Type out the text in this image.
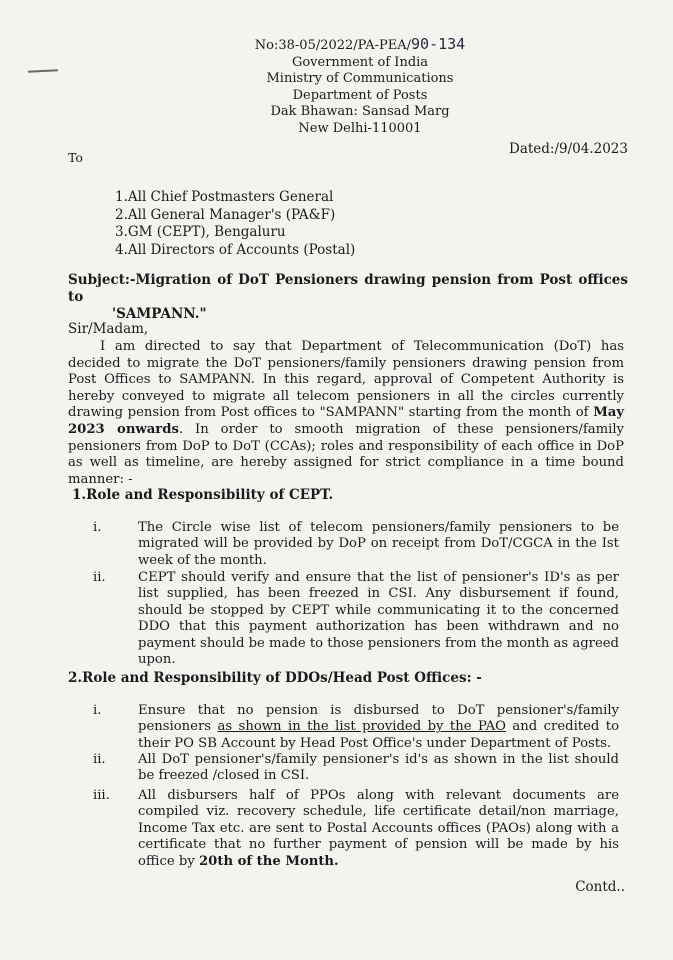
No:38-05/2022/PA-PEA/90-134
Government of India
Ministry of Communications
Department of Posts
Dak Bhawan: Sansad Marg
New Delhi-110001
Dated:/9/04.2023
To
1.All Chief Postmasters General
2.All General Manager's (PA&F)
3.GM (CEPT), Bengaluru
4.All Directors of Accounts (Postal)
Subject:-Migration of DoT Pensioners drawing pension from Post offices to
'SAMPANN."
Sir/Madam,
I am directed to say that Department of Telecommunication (DoT) has decided to migrate the DoT pensioners/family pensioners drawing pension from Post Offices to SAMPANN. In this regard, approval of Competent Authority is hereby conveyed to migrate all telecom pensioners in all the circles currently drawing pension from Post offices to "SAMPANN" starting from the month of May 2023 onwards. In order to smooth migration of these pensioners/family pensioners from DoP to DoT (CCAs); roles and responsibility of each office in DoP as well as timeline, are hereby assigned for strict compliance in a time bound manner: -
1.Role and Responsibility of CEPT.
i.	The Circle wise list of telecom pensioners/family pensioners to be migrated will be provided by DoP on receipt from DoT/CGCA in the Ist week of the month.
ii.	CEPT should verify and ensure that the list of pensioner's ID's as per list supplied, has been freezed in CSI. Any disbursement if found, should be stopped by CEPT while communicating it to the concerned DDO that this payment authorization has been withdrawn and no payment should be made to those pensioners from the month as agreed upon.
2.Role and Responsibility of DDOs/Head Post Offices: -
i.	Ensure that no pension is disbursed to DoT pensioner's/family pensioners as shown in the list provided by the PAO and credited to their PO SB Account by Head Post Office's under Department of Posts.
ii.	All DoT pensioner's/family pensioner's id's as shown in the list should be freezed /closed in CSI.
iii.	All disbursers half of PPOs along with relevant documents are compiled viz. recovery schedule, life certificate detail/non marriage, Income Tax etc. are sent to Postal Accounts offices (PAOs) along with a certificate that no further payment of pension will be made by his office by 20th of the Month.
Contd..
